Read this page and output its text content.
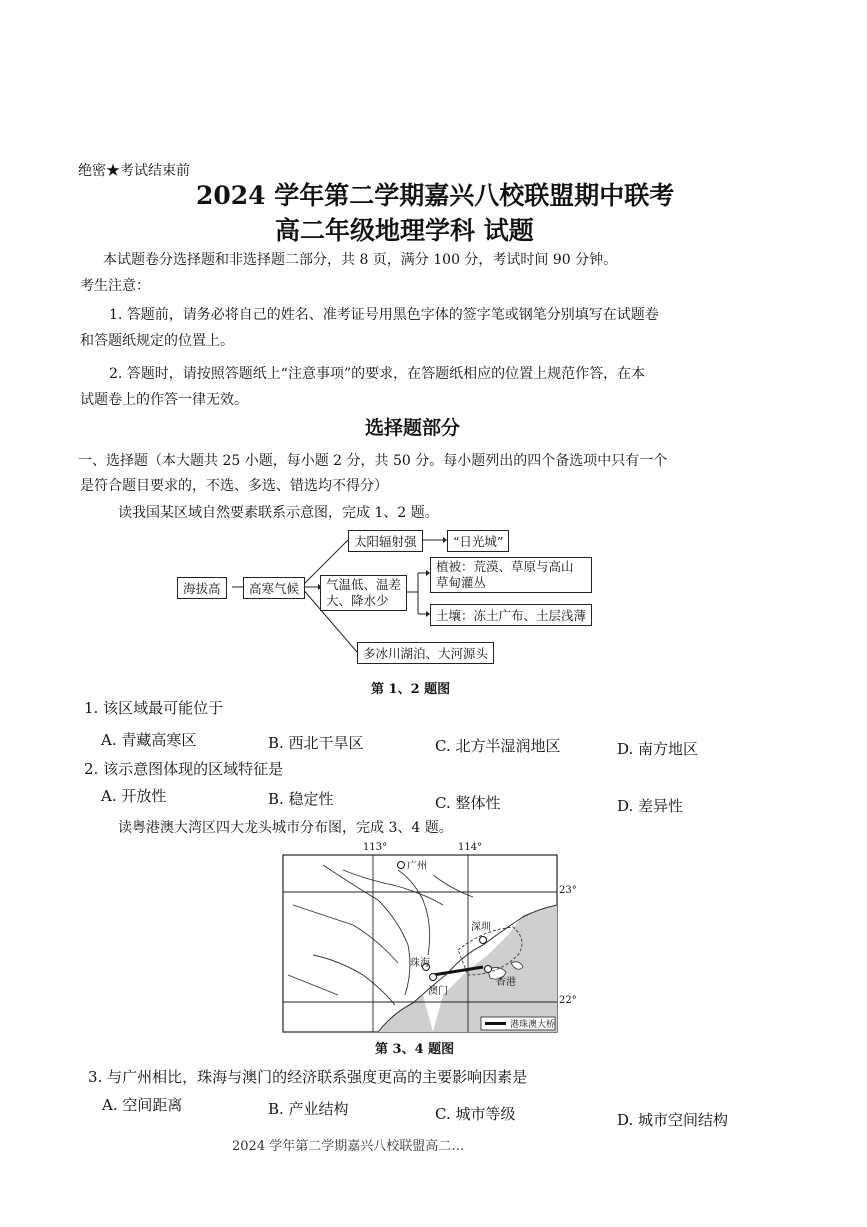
绝密★考试结束前
2024 学年第二学期嘉兴八校联盟期中联考
高二年级地理学科 试题
本试题卷分选择题和非选择题二部分，共 8 页，满分 100 分，考试时间 90 分钟。
考生注意：
1. 答题前，请务必将自己的姓名、准考证号用黑色字体的签字笔或钢笔分别填写在试题卷
和答题纸规定的位置上。
2. 答题时，请按照答题纸上“注意事项”的要求，在答题纸相应的位置上规范作答，在本
试题卷上的作答一律无效。
选择题部分
一、选择题（本大题共 25 小题，每小题 2 分，共 50 分。每小题列出的四个备选项中只有一个
是符合题目要求的，不选、多选、错选均不得分）
读我国某区域自然要素联系示意图，完成 1、2 题。
海拔高	高寒气候
太阳辐射强	“日光城”
气温低、温差
大、降水少
植被：荒漠、草原与高山
草甸灌丛
土壤：冻土广布、土层浅薄
多冰川湖泊、大河源头
第 1、2 题图
1. 该区域最可能位于
A. 青藏高寒区	B. 西北干旱区	C. 北方半湿润地区	D. 南方地区
2. 该示意图体现的区域特征是
A. 开放性	B. 稳定性	C. 整体性	D. 差异性
读粤港澳大湾区四大龙头城市分布图，完成 3、4 题。
113°	114°
23°
22°
广州
深圳
珠海
澳门
香港
港珠澳大桥
第 3、4 题图
3. 与广州相比，珠海与澳门的经济联系强度更高的主要影响因素是
A. 空间距离	B. 产业结构	C. 城市等级	D. 城市空间结构
2024 学年第二学期嘉兴八校联盟高二…
